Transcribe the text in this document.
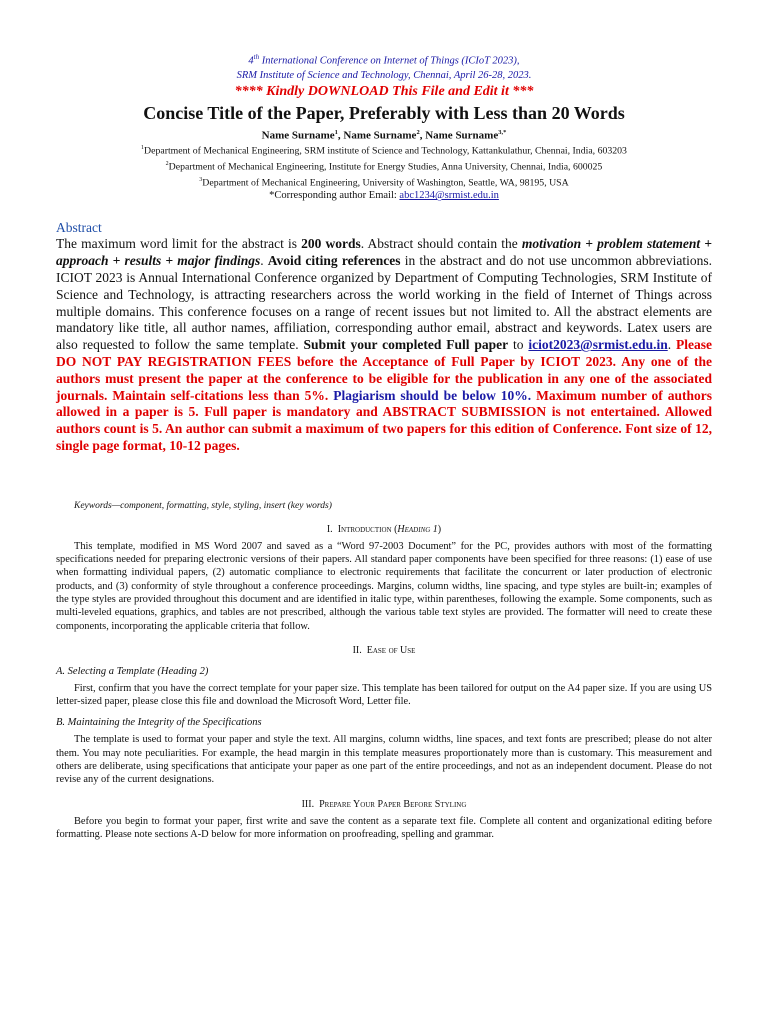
4th International Conference on Internet of Things (ICIoT 2023),
SRM Institute of Science and Technology, Chennai, April 26-28, 2023.
**** Kindly DOWNLOAD This File and Edit it ***
Concise Title of the Paper, Preferably with Less than 20 Words
Name Surname$^1$, Name Surname$^2$, Name Surname$^{3,*}$
$^1$Department of Mechanical Engineering, SRM institute of Science and Technology, Kattankulathur, Chennai, India, 603203
$^2$Department of Mechanical Engineering, Institute for Energy Studies, Anna University, Chennai, India, 600025
$^3$Department of Mechanical Engineering, University of Washington, Seattle, WA, 98195, USA
*Corresponding author Email: abc1234@srmist.edu.in
Abstract
The maximum word limit for the abstract is 200 words. Abstract should contain the motivation + problem statement + approach + results + major findings. Avoid citing references in the abstract and do not use uncommon abbreviations. ICIOT 2023 is Annual International Conference organized by Department of Computing Technologies, SRM Institute of Science and Technology, is attracting researchers across the world working in the field of Internet of Things across multiple domains. This conference focuses on a range of recent issues but not limited to. All the abstract elements are mandatory like title, all author names, affiliation, corresponding author email, abstract and keywords. Latex users are also requested to follow the same template. Submit your completed Full paper to iciot2023@srmist.edu.in. Please DO NOT PAY REGISTRATION FEES before the Acceptance of Full Paper by ICIOT 2023. Any one of the authors must present the paper at the conference to be eligible for the publication in any one of the associated journals. Maintain self-citations less than 5%. Plagiarism should be below 10%. Maximum number of authors allowed in a paper is 5. Full paper is mandatory and ABSTRACT SUBMISSION is not entertained. Allowed authors count is 5. An author can submit a maximum of two papers for this edition of Conference. Font size of 12, single page format, 10-12 pages.
Keywords—component, formatting, style, styling, insert (key words)
I. Introduction (Heading 1)
This template, modified in MS Word 2007 and saved as a “Word 97-2003 Document” for the PC, provides authors with most of the formatting specifications needed for preparing electronic versions of their papers. All standard paper components have been specified for three reasons: (1) ease of use when formatting individual papers, (2) automatic compliance to electronic requirements that facilitate the concurrent or later production of electronic products, and (3) conformity of style throughout a conference proceedings. Margins, column widths, line spacing, and type styles are built-in; examples of the type styles are provided throughout this document and are identified in italic type, within parentheses, following the example. Some components, such as multi-leveled equations, graphics, and tables are not prescribed, although the various table text styles are provided. The formatter will need to create these components, incorporating the applicable criteria that follow.
II. Ease of Use
A. Selecting a Template (Heading 2)
First, confirm that you have the correct template for your paper size. This template has been tailored for output on the A4 paper size. If you are using US letter-sized paper, please close this file and download the Microsoft Word, Letter file.
B. Maintaining the Integrity of the Specifications
The template is used to format your paper and style the text. All margins, column widths, line spaces, and text fonts are prescribed; please do not alter them. You may note peculiarities. For example, the head margin in this template measures proportionately more than is customary. This measurement and others are deliberate, using specifications that anticipate your paper as one part of the entire proceedings, and not as an independent document. Please do not revise any of the current designations.
III. Prepare Your Paper Before Styling
Before you begin to format your paper, first write and save the content as a separate text file. Complete all content and organizational editing before formatting. Please note sections A-D below for more information on proofreading, spelling and grammar.
